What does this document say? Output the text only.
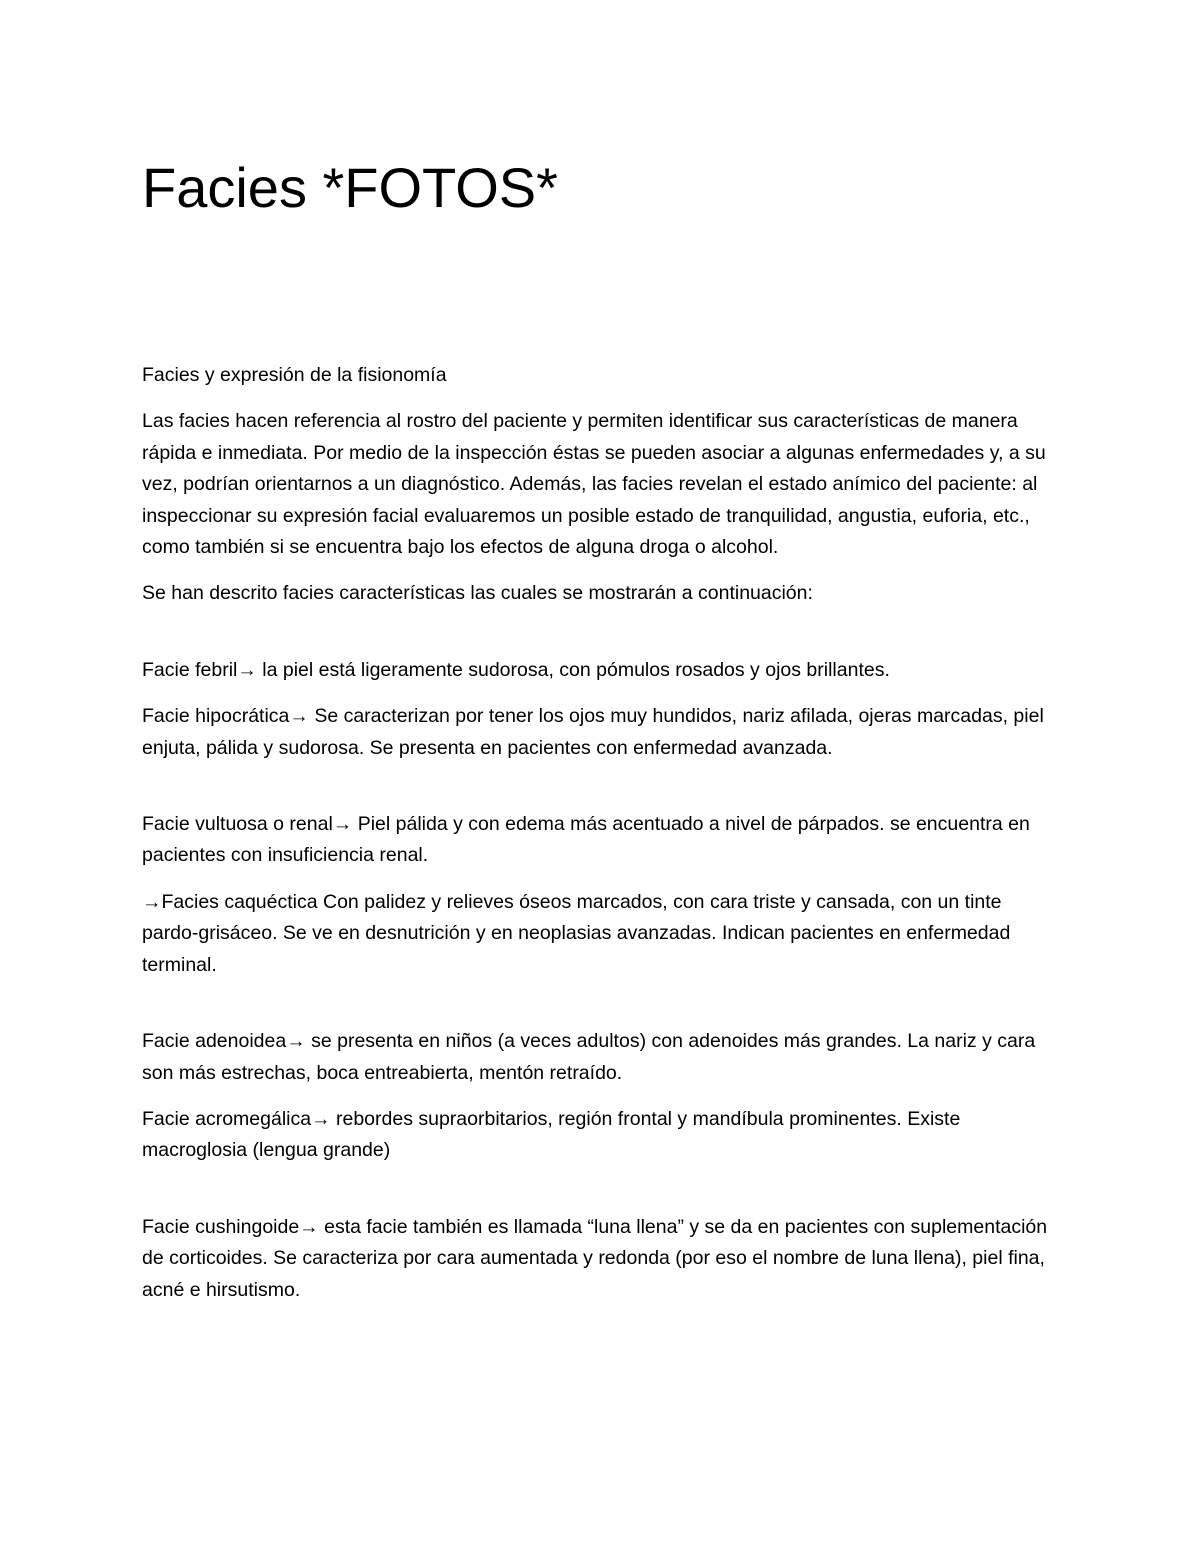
Facies *FOTOS*

Facies y expresión de la fisionomía

Las facies hacen referencia al rostro del paciente y permiten identificar sus características de manera rápida e inmediata. Por medio de la inspección éstas se pueden asociar a algunas enfermedades y, a su vez, podrían orientarnos a un diagnóstico. Además, las facies revelan el estado anímico del paciente: al inspeccionar su expresión facial evaluaremos un posible estado de tranquilidad, angustia, euforia, etc., como también si se encuentra bajo los efectos de alguna droga o alcohol.

Se han descrito facies características las cuales se mostrarán a continuación:

Facie febril→ la piel está ligeramente sudorosa, con pómulos rosados y ojos brillantes.

Facie hipocrática→ Se caracterizan por tener los ojos muy hundidos, nariz afilada, ojeras marcadas, piel enjuta, pálida y sudorosa. Se presenta en pacientes con enfermedad avanzada.

Facie vultuosa o renal→ Piel pálida y con edema más acentuado a nivel de párpados. se encuentra en pacientes con insuficiencia renal.

→Facies caquéctica Con palidez y relieves óseos marcados, con cara triste y cansada, con un tinte pardo-grisáceo. Se ve en desnutrición y en neoplasias avanzadas. Indican pacientes en enfermedad terminal.

Facie adenoidea→ se presenta en niños (a veces adultos) con adenoides más grandes. La nariz y cara son más estrechas, boca entreabierta, mentón retraído.

Facie acromegálica→ rebordes supraorbitarios, región frontal y mandíbula prominentes. Existe macroglosia (lengua grande)

Facie cushingoide→ esta facie también es llamada “luna llena” y se da en pacientes con suplementación de corticoides. Se caracteriza por cara aumentada y redonda (por eso el nombre de luna llena), piel fina, acné e hirsutismo.
